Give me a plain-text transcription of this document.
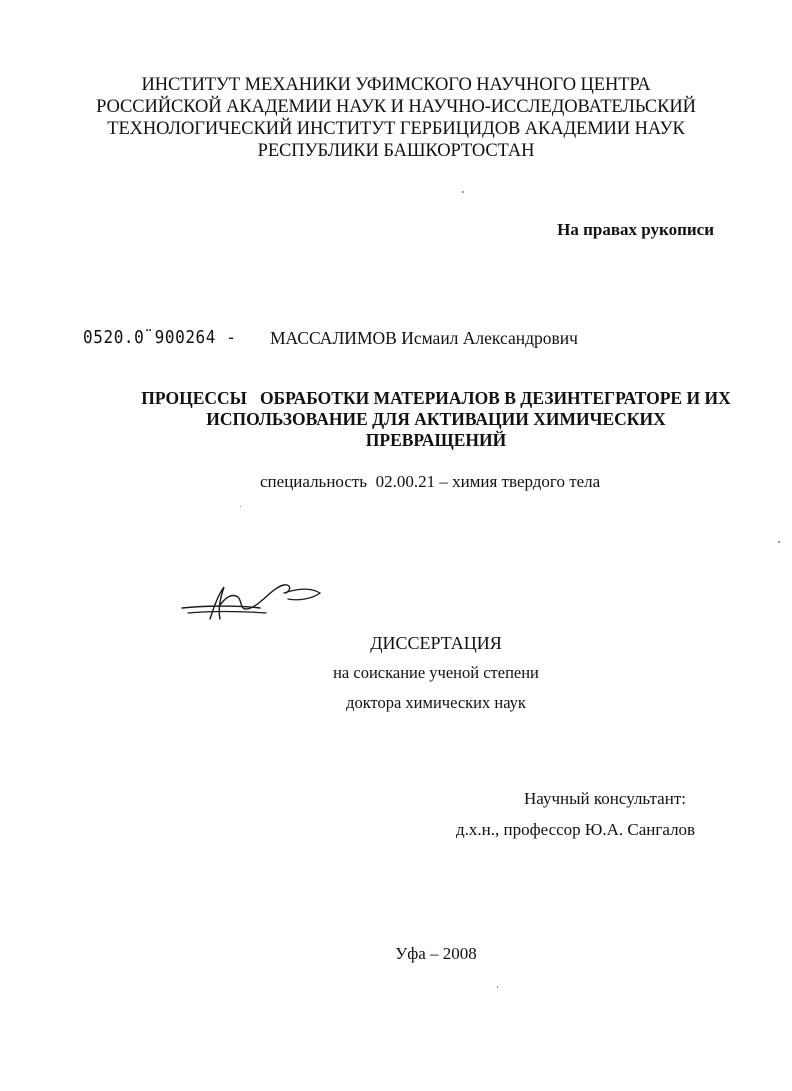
ИНСТИТУТ МЕХАНИКИ УФИМСКОГО НАУЧНОГО ЦЕНТРА
РОССИЙСКОЙ АКАДЕМИИ НАУК И НАУЧНО-ИССЛЕДОВАТЕЛЬСКИЙ
ТЕХНОЛОГИЧЕСКИЙ ИНСТИТУТ ГЕРБИЦИДОВ АКАДЕМИИ НАУК
РЕСПУБЛИКИ БАШКОРТОСТАН
На правах рукописи
0520.0̈ 900264 - МАССАЛИМОВ Исмаил Александрович
ПРОЦЕССЫ   ОБРАБОТКИ МАТЕРИАЛОВ В ДЕЗИНТЕГРАТОРЕ И ИХ
ИСПОЛЬЗОВАНИЕ ДЛЯ АКТИВАЦИИ ХИМИЧЕСКИХ
ПРЕВРАЩЕНИЙ
специальность  02.00.21 – химия твердого тела
ДИССЕРТАЦИЯ
на соискание ученой степени
доктора химических наук
Научный консультант:
д.х.н., профессор Ю.А. Сангалов
Уфа – 2008
